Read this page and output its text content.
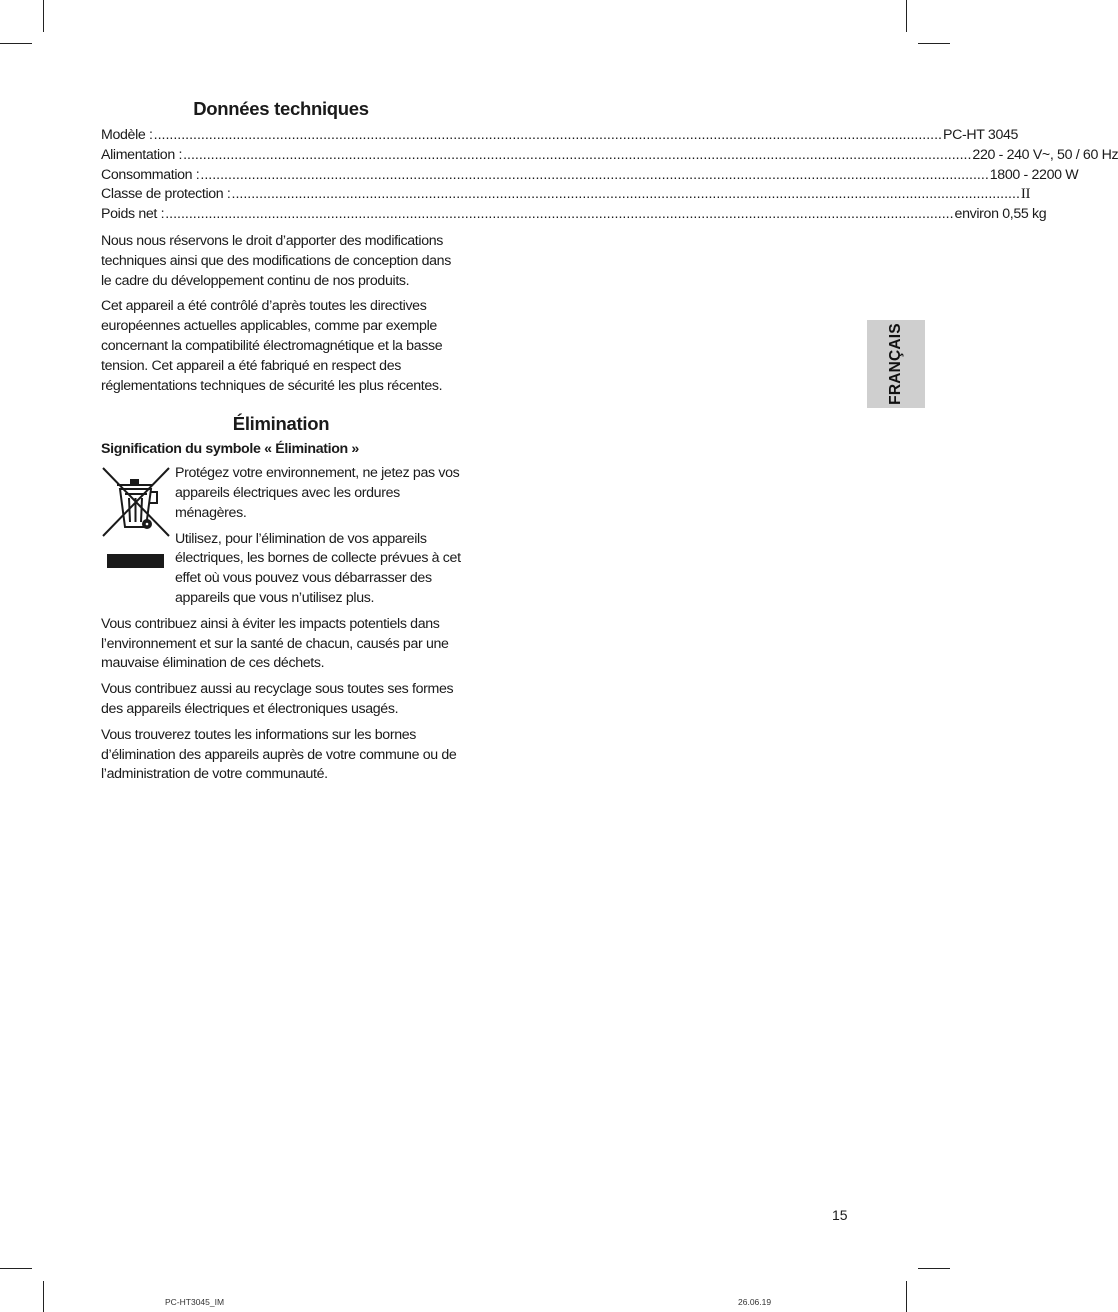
Données techniques
Modèle : ........................................................................................................................................................................................................ PC-HT 3045
Alimentation : ........................................................................................................................................................................................................ 220 - 240 V~, 50 / 60 Hz
Consommation : ........................................................................................................................................................................................................ 1800 - 2200 W
Classe de protection : ........................................................................................................................................................................................................ II
Poids net : ........................................................................................................................................................................................................ environ 0,55 kg

Nous nous réservons le droit d’apporter des modifications techniques ainsi que des modifications de conception dans le cadre du développement continu de nos produits.

Cet appareil a été contrôlé d’après toutes les directives européennes actuelles applicables, comme par exemple concernant la compatibilité électromagnétique et la basse tension. Cet appareil a été fabriqué en respect des réglementations techniques de sécurité les plus récentes.

Élimination
Signification du symbole « Élimination »

Protégez votre environnement, ne jetez pas vos appareils électriques avec les ordures ménagères.

Utilisez, pour l’élimination de vos appareils électriques, les bornes de collecte prévues à cet effet où vous pouvez vous débarrasser des appareils que vous n’utilisez plus.

Vous contribuez ainsi à éviter les impacts potentiels dans l’environnement et sur la santé de chacun, causés par une mauvaise élimination de ces déchets.

Vous contribuez aussi au recyclage sous toutes ses formes des appareils électriques et électroniques usagés.

Vous trouverez toutes les informations sur les bornes d’élimination des appareils auprès de votre commune ou de l’administration de votre communauté.

FRANÇAIS
15
PC-HT3045_IM	26.06.19
